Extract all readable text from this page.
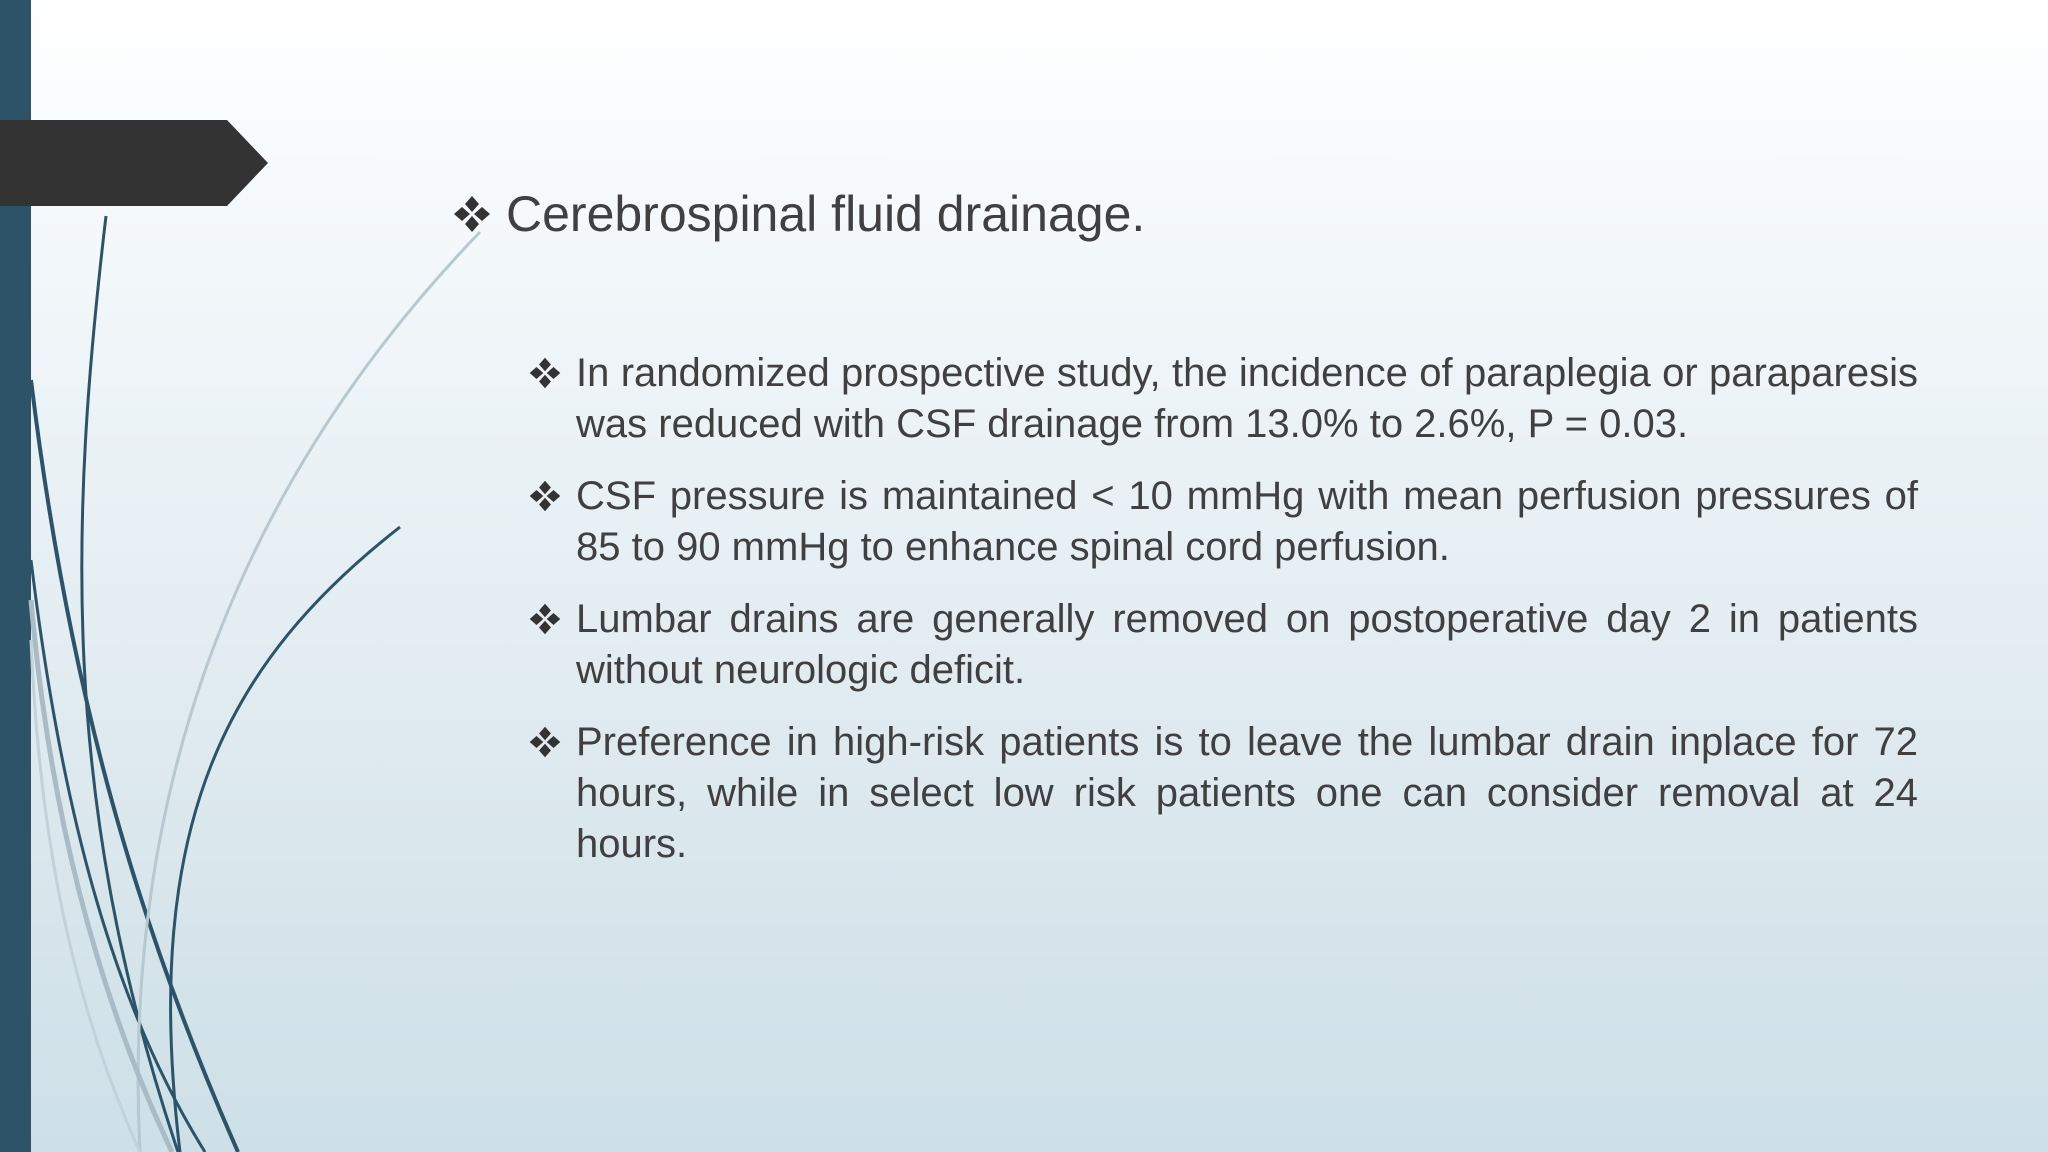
Cerebrospinal fluid drainage.
In randomized prospective study, the incidence of paraplegia or paraparesis was reduced with CSF drainage from 13.0% to 2.6%, P = 0.03.
CSF pressure is maintained < 10 mmHg with mean perfusion pressures of 85 to 90 mmHg to enhance spinal cord perfusion.
Lumbar drains are generally removed on postoperative day 2 in patients without neurologic deficit.
Preference in high-risk patients is to leave the lumbar drain inplace for 72 hours, while in select low risk patients one can consider removal at 24 hours.
